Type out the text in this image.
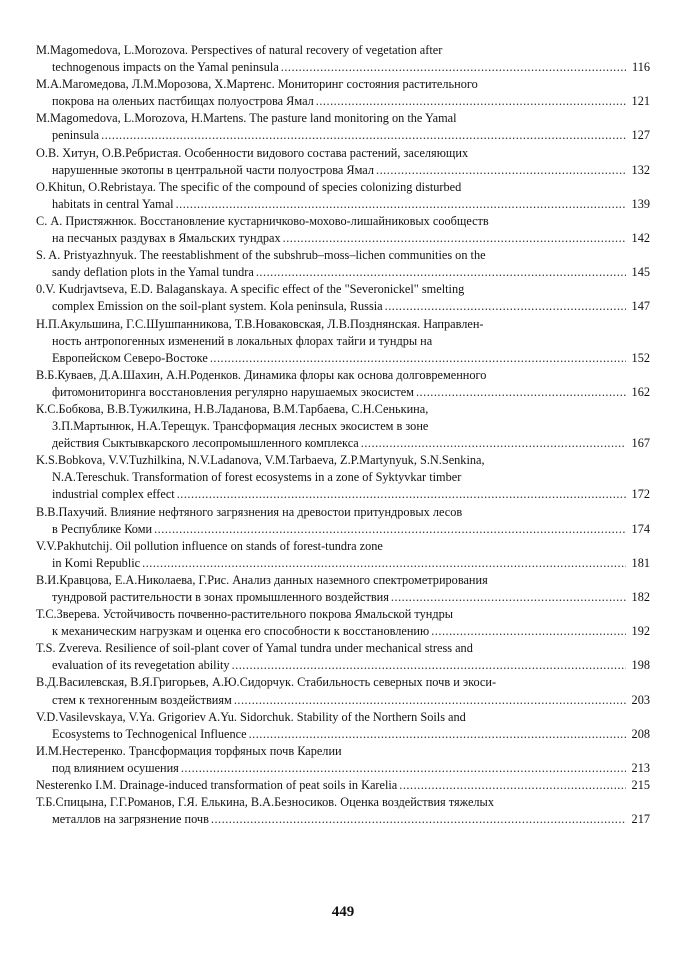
M.Magomedova, L.Morozova. Perspectives of natural recovery of vegetation after
technogenous impacts on the Yamal peninsula .....	116
М.А.Магомедова, Л.М.Морозова, Х.Мартенс. Мониторинг состояния растительного
покрова на оленьих пастбищах полуострова Ямал .....	121
M.Magomedova, L.Morozova, H.Martens. The pasture land monitoring on the Yamal
peninsula .....	127
О.В. Хитун, О.В.Ребристая. Особенности видового состава растений, заселяющих
нарушенные экотопы в центральной части полуострова Ямал .....	132
O.Khitun, O.Rebristaya. The specific of the compound of species colonizing disturbed
habitats in central Yamal .....	139
С. А. Пристяжнюк. Восстановление кустарничково-мохово-лишайниковых сообществ
на песчаных раздувах в Ямальских тундрах .....	142
S. A. Pristyazhnyuk. The reestablishment of the subshrub–moss–lichen communities on the
sandy deflation plots in the Yamal tundra .....	145
0.V. Kudrjavtseva, E.D. Balaganskaya. A specific effect of the "Severonickel" smelting
complex Emission on the soil-plant system. Kola peninsula, Russia .....	147
Н.П.Акульшина, Г.С.Шушпанникова, Т.В.Новаковская, Л.В.Позднянская. Направлен-
ность антропогенных изменений в локальных флорах тайги и тундры на
Европейском Северо-Востоке .....	152
В.Б.Куваев, Д.А.Шахин, А.Н.Роденков. Динамика флоры как основа долговременного
фитомониторинга восстановления регулярно нарушаемых экосистем .....	162
К.С.Бобкова, В.В.Тужилкина, Н.В.Ладанова, В.М.Тарбаева, С.Н.Сенькина,
З.П.Мартынюк, Н.А.Терещук. Трансформация лесных экосистем в зоне
действия Сыктывкарского лесопромышленного комплекса .....	167
K.S.Bobkova, V.V.Tuzhilkina, N.V.Ladanova, V.M.Tarbaeva, Z.P.Martynyuk, S.N.Senkina,
N.A.Tereschuk. Transformation of forest ecosystems in a zone of Syktyvkar timber
industrial complex effect .....	172
В.В.Пахучий. Влияние нефтяного загрязнения на древостои притундровых лесов
в Республике Коми .....	174
V.V.Pakhutchij. Oil pollution influence on stands of forest-tundra zone
in Komi Republic .....	181
В.И.Кравцова, Е.А.Николаева, Г.Рис. Анализ данных наземного спектрометрирования
тундровой растительности в зонах промышленного воздействия .....	182
Т.С.Зверева. Устойчивость почвенно-растительного покрова Ямальской тундры
к механическим нагрузкам и оценка его способности к восстановлению .....	192
T.S. Zvereva. Resilience of soil-plant cover of Yamal tundra under mechanical stress and
evaluation of its revegetation ability .....	198
В.Д.Василевская, В.Я.Григорьев, А.Ю.Сидорчук. Стабильность северных почв и экоси-
стем к техногенным воздействиям .....	203
V.D.Vasilevskaya, V.Ya. Grigoriev A.Yu. Sidorchuk. Stability of the Northern Soils and
Ecosystems to Technogenical Influence .....	208
И.М.Нестеренко. Трансформация торфяных почв Карелии
под влиянием осушения .....	213
Nesterenko I.M. Drainage-induced transformation of peat soils in Karelia .....	215
Т.Б.Спицына, Г.Г.Романов, Г.Я. Елькина, В.А.Безносиков. Оценка воздействия тяжелых
металлов на загрязнение почв .....	217
449
